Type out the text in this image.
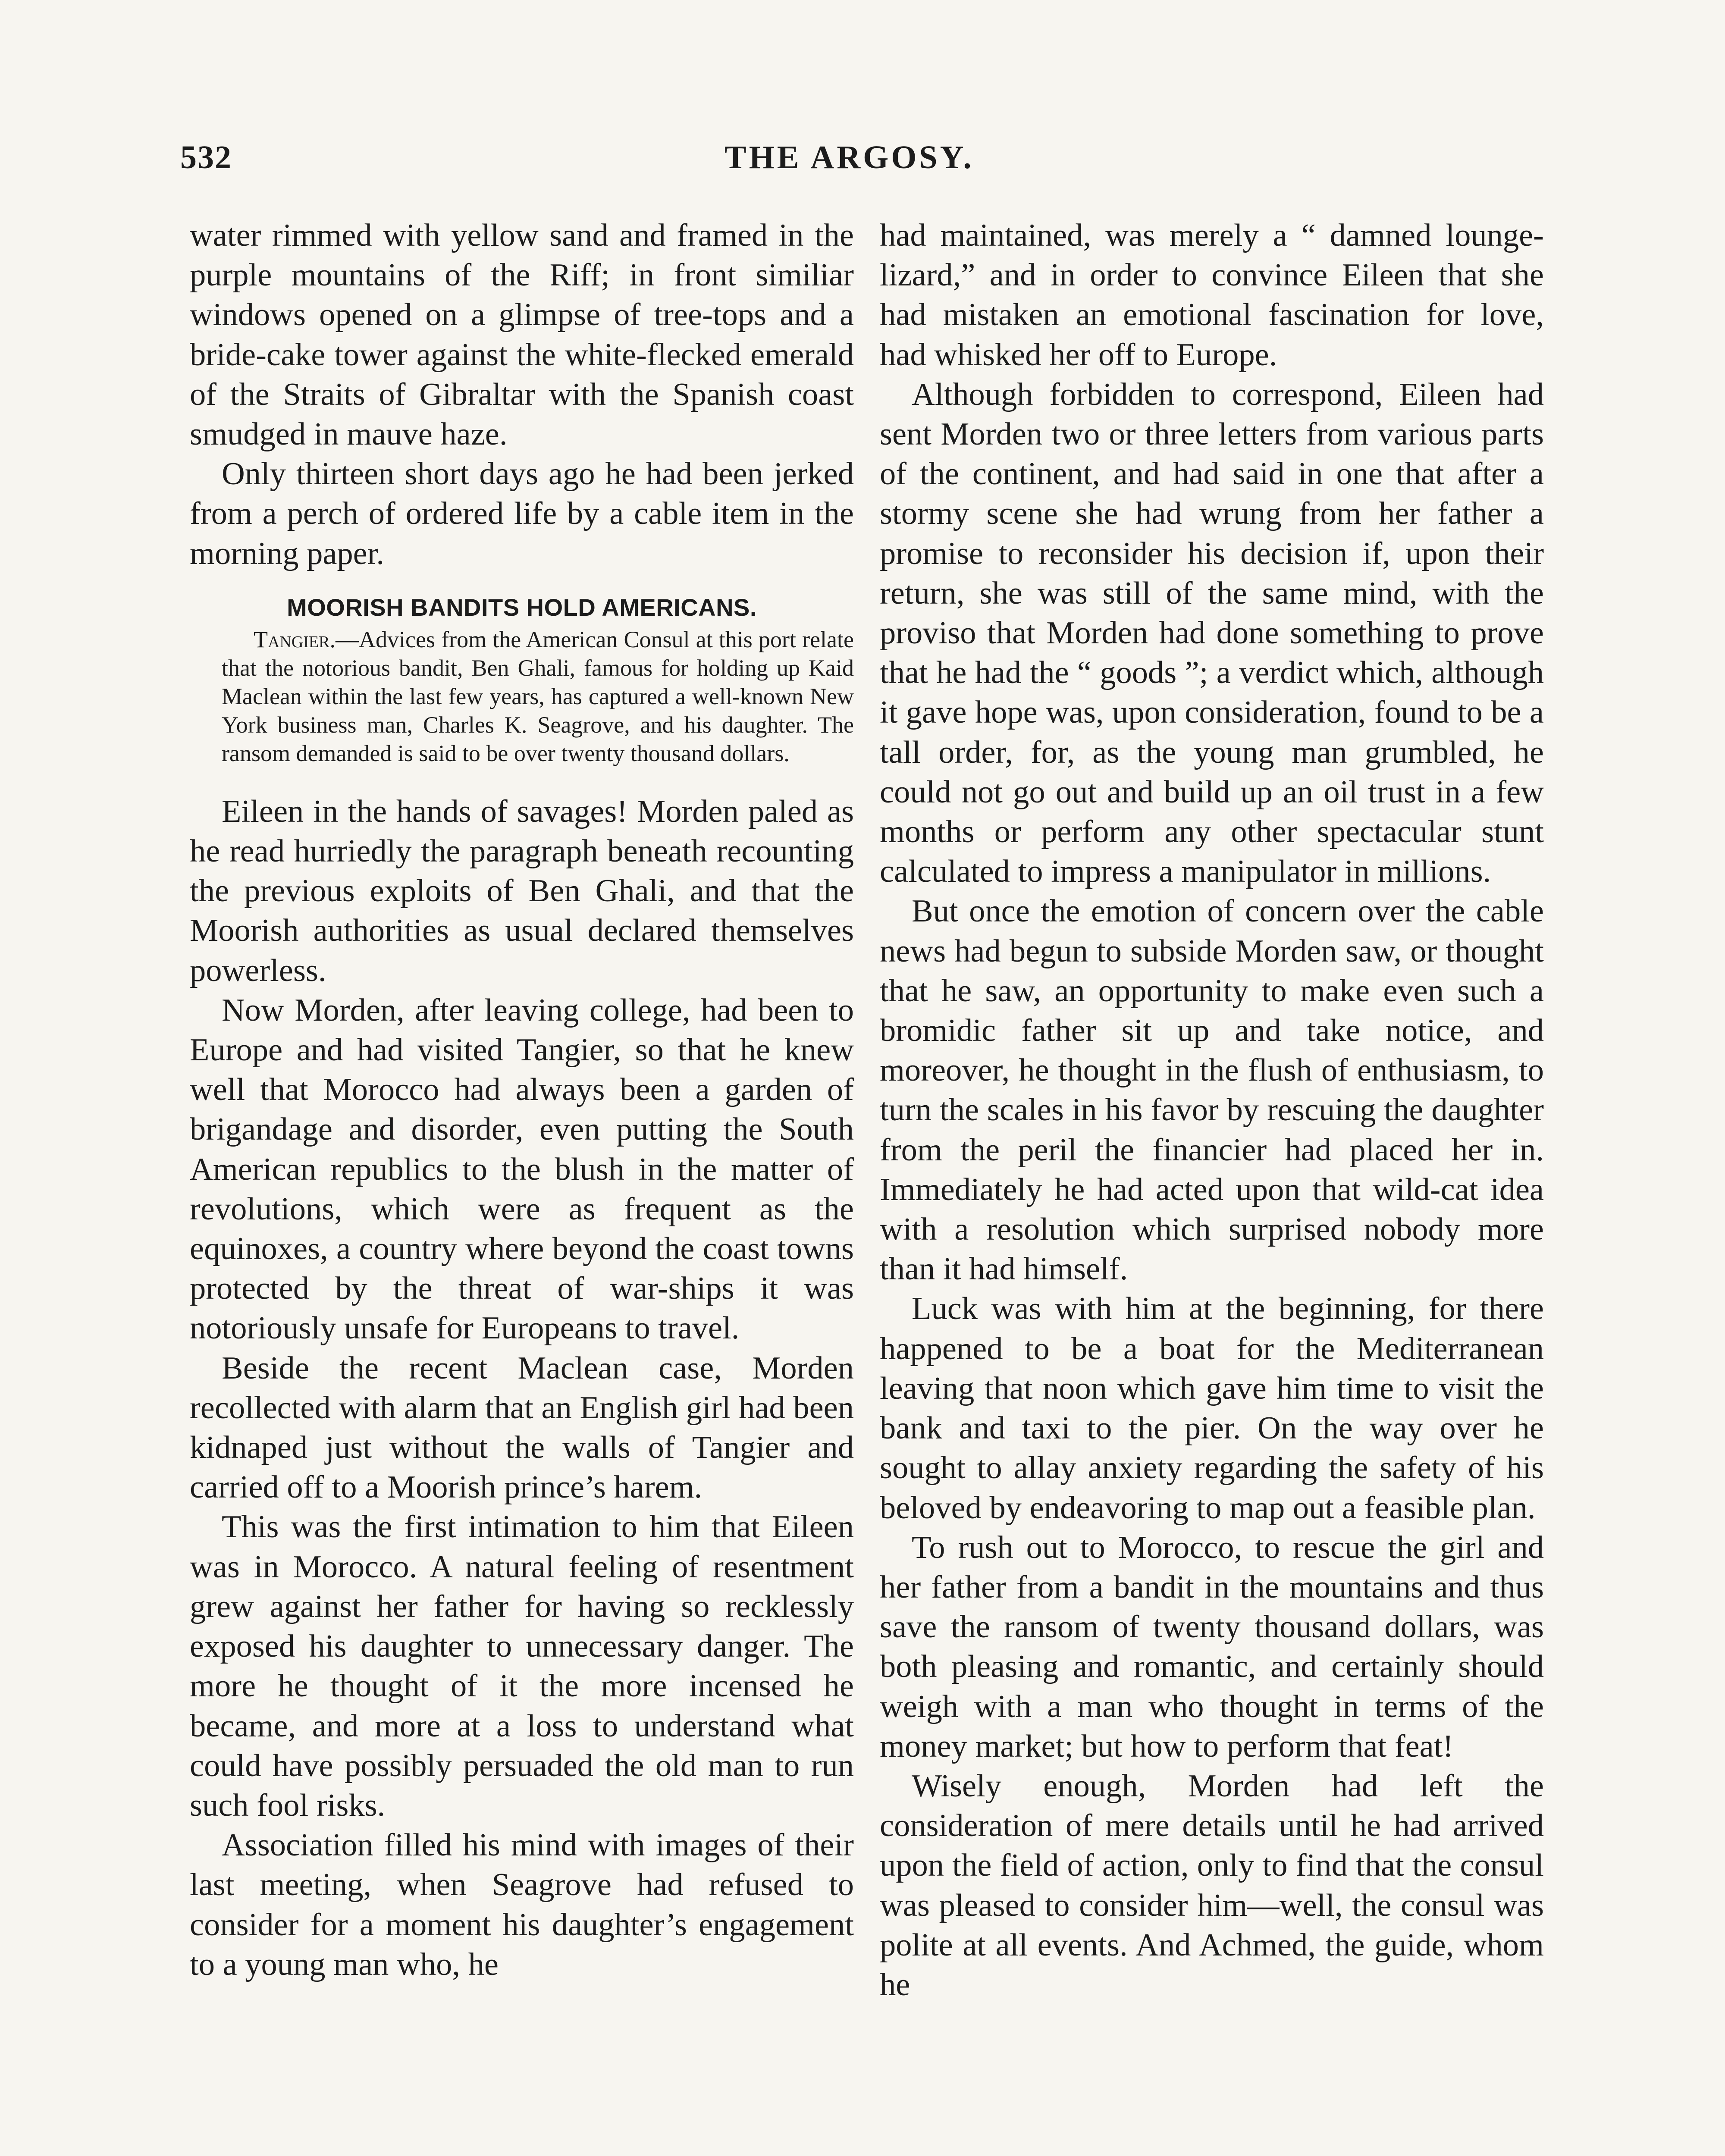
532	THE ARGOSY.

water rimmed with yellow sand and framed in the purple mountains of the Riff; in front similiar windows opened on a glimpse of tree-tops and a bride-cake tower against the white-flecked emerald of the Straits of Gibraltar with the Spanish coast smudged in mauve haze.

Only thirteen short days ago he had been jerked from a perch of ordered life by a cable item in the morning paper.

MOORISH BANDITS HOLD AMERICANS.
Tangier.—Advices from the American Consul at this port relate that the notorious bandit, Ben Ghali, famous for holding up Kaid Maclean within the last few years, has captured a well-known New York business man, Charles K. Seagrove, and his daughter. The ransom demanded is said to be over twenty thousand dollars.

Eileen in the hands of savages! Morden paled as he read hurriedly the paragraph beneath recounting the previous exploits of Ben Ghali, and that the Moorish authorities as usual declared themselves powerless.

Now Morden, after leaving college, had been to Europe and had visited Tangier, so that he knew well that Morocco had always been a garden of brigandage and disorder, even putting the South American republics to the blush in the matter of revolutions, which were as frequent as the equinoxes, a country where beyond the coast towns protected by the threat of war-ships it was notoriously unsafe for Europeans to travel.

Beside the recent Maclean case, Morden recollected with alarm that an English girl had been kidnaped just without the walls of Tangier and carried off to a Moorish prince’s harem.

This was the first intimation to him that Eileen was in Morocco. A natural feeling of resentment grew against her father for having so recklessly exposed his daughter to unnecessary danger. The more he thought of it the more incensed he became, and more at a loss to understand what could have possibly persuaded the old man to run such fool risks.

Association filled his mind with images of their last meeting, when Seagrove had refused to consider for a moment his daughter’s engagement to a young man who, he

had maintained, was merely a “ damned lounge-lizard,” and in order to convince Eileen that she had mistaken an emotional fascination for love, had whisked her off to Europe.

Although forbidden to correspond, Eileen had sent Morden two or three letters from various parts of the continent, and had said in one that after a stormy scene she had wrung from her father a promise to reconsider his decision if, upon their return, she was still of the same mind, with the proviso that Morden had done something to prove that he had the “ goods ”; a verdict which, although it gave hope was, upon consideration, found to be a tall order, for, as the young man grumbled, he could not go out and build up an oil trust in a few months or perform any other spectacular stunt calculated to impress a manipulator in millions.

But once the emotion of concern over the cable news had begun to subside Morden saw, or thought that he saw, an opportunity to make even such a bromidic father sit up and take notice, and moreover, he thought in the flush of enthusiasm, to turn the scales in his favor by rescuing the daughter from the peril the financier had placed her in. Immediately he had acted upon that wild-cat idea with a resolution which surprised nobody more than it had himself.

Luck was with him at the beginning, for there happened to be a boat for the Mediterranean leaving that noon which gave him time to visit the bank and taxi to the pier. On the way over he sought to allay anxiety regarding the safety of his beloved by endeavoring to map out a feasible plan.

To rush out to Morocco, to rescue the girl and her father from a bandit in the mountains and thus save the ransom of twenty thousand dollars, was both pleasing and romantic, and certainly should weigh with a man who thought in terms of the money market; but how to perform that feat!

Wisely enough, Morden had left the consideration of mere details until he had arrived upon the field of action, only to find that the consul was pleased to consider him—well, the consul was polite at all events. And Achmed, the guide, whom he
